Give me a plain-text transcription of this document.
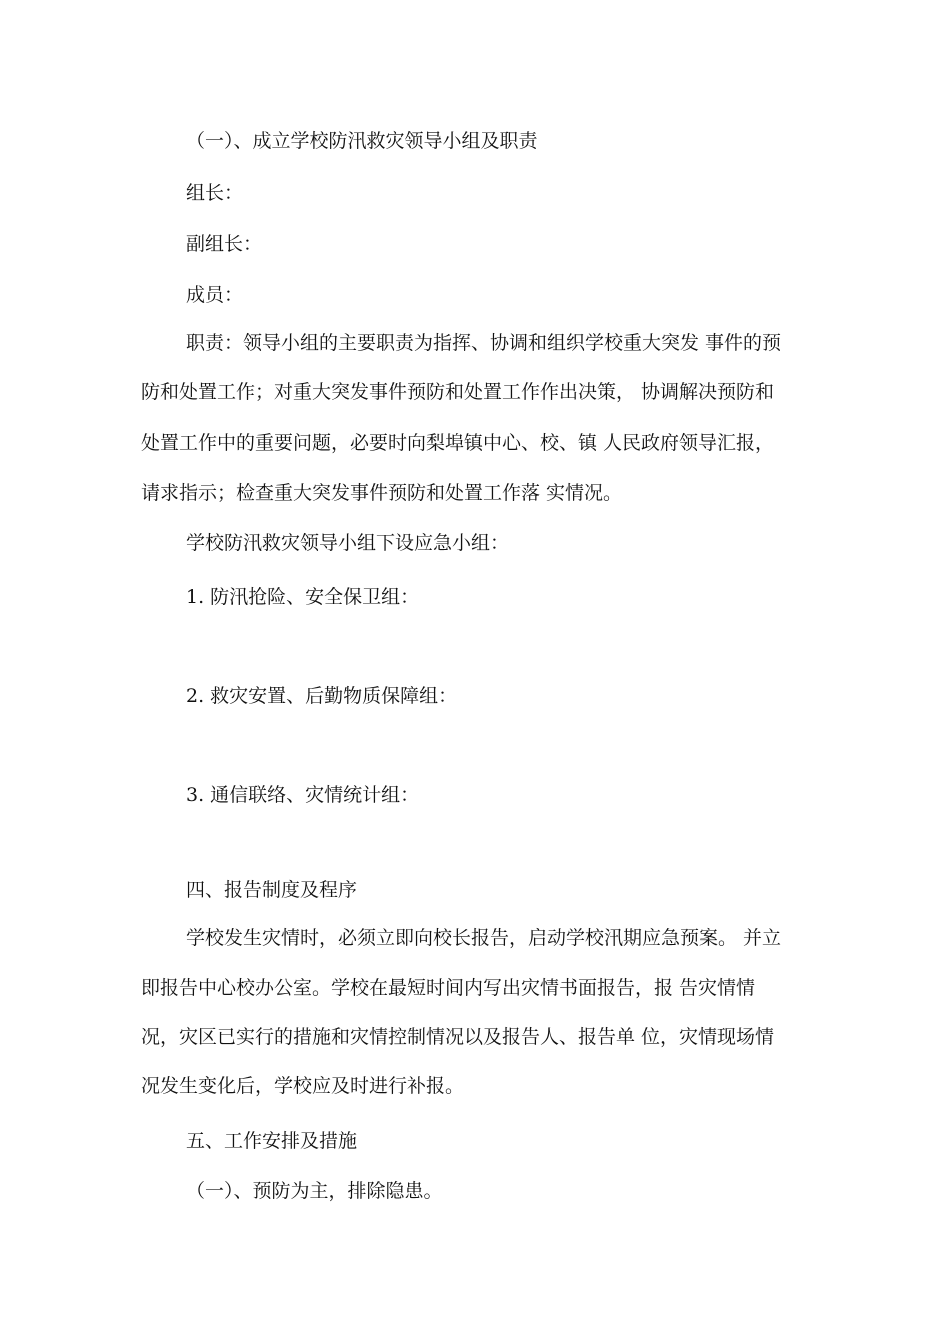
（一）、成立学校防汛救灾领导小组及职责
组长：
副组长：
成员：
职责：领导小组的主要职责为指挥、协调和组织学校重大突发 事件的预
防和处置工作；对重大突发事件预防和处置工作作出决策， 协调解决预防和
处置工作中的重要问题，必要时向梨埠镇中心、校、镇 人民政府领导汇报，
请求指示；检查重大突发事件预防和处置工作落 实情况。
学校防汛救灾领导小组下设应急小组：
1. 防汛抢险、安全保卫组：
2. 救灾安置、后勤物质保障组：
3. 通信联络、灾情统计组：
四、报告制度及程序
学校发生灾情时，必须立即向校长报告，启动学校汛期应急预案。 并立
即报告中心校办公室。学校在最短时间内写出灾情书面报告，报 告灾情情
况，灾区已实行的措施和灾情控制情况以及报告人、报告单 位，灾情现场情
况发生变化后，学校应及时进行补报。
五、工作安排及措施
（一）、预防为主，排除隐患。
